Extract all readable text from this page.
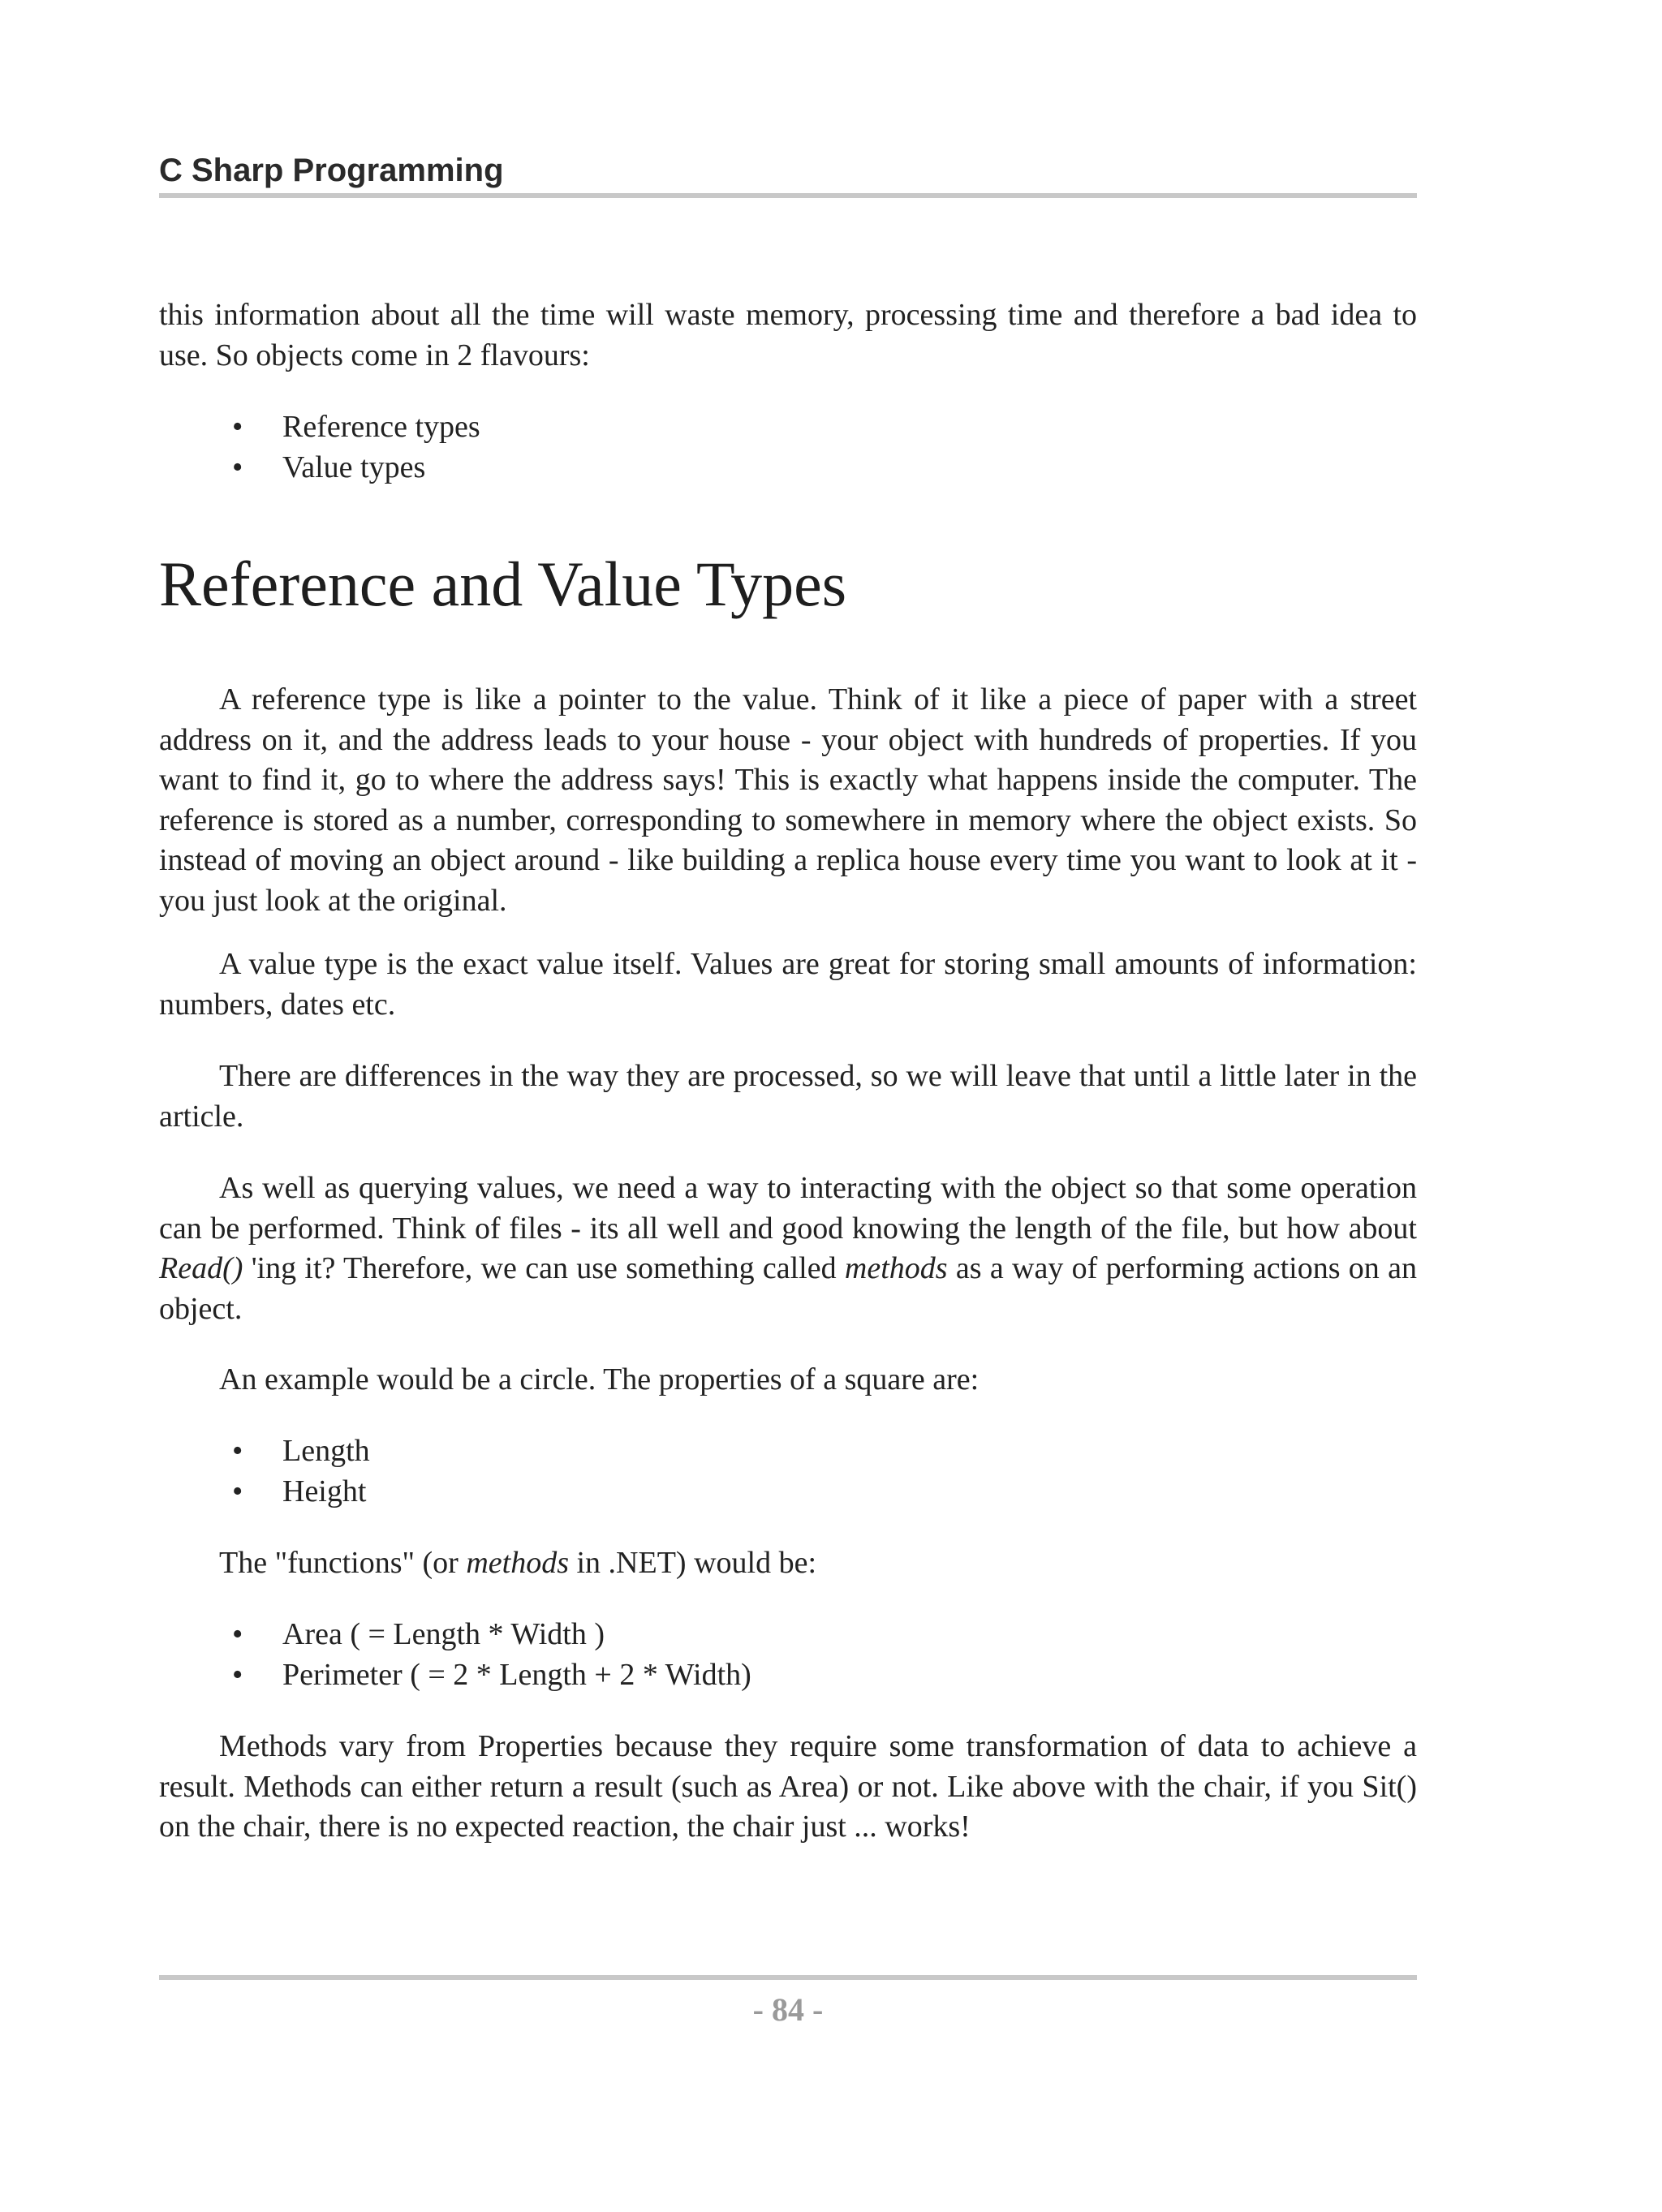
C Sharp Programming

this information about all the time will waste memory, processing time and therefore a bad idea to use. So objects come in 2 flavours:

• Reference types
• Value types
Reference and Value Types

A reference type is like a pointer to the value. Think of it like a piece of paper with a street address on it, and the address leads to your house - your object with hundreds of properties. If you want to find it, go to where the address says! This is exactly what happens inside the computer. The reference is stored as a number, corresponding to somewhere in memory where the object exists. So instead of moving an object around - like building a replica house every time you want to look at it - you just look at the original.

A value type is the exact value itself. Values are great for storing small amounts of information: numbers, dates etc.

There are differences in the way they are processed, so we will leave that until a little later in the article.

As well as querying values, we need a way to interacting with the object so that some operation can be performed. Think of files - its all well and good knowing the length of the file, but how about Read() 'ing it? Therefore, we can use something called methods as a way of performing actions on an object.

An example would be a circle. The properties of a square are:

• Length
• Height

The "functions" (or methods in .NET) would be:

• Area ( = Length * Width )
• Perimeter ( = 2 * Length + 2 * Width)

Methods vary from Properties because they require some transformation of data to achieve a result. Methods can either return a result (such as Area) or not. Like above with the chair, if you Sit() on the chair, there is no expected reaction, the chair just ... works!

- 84 -
